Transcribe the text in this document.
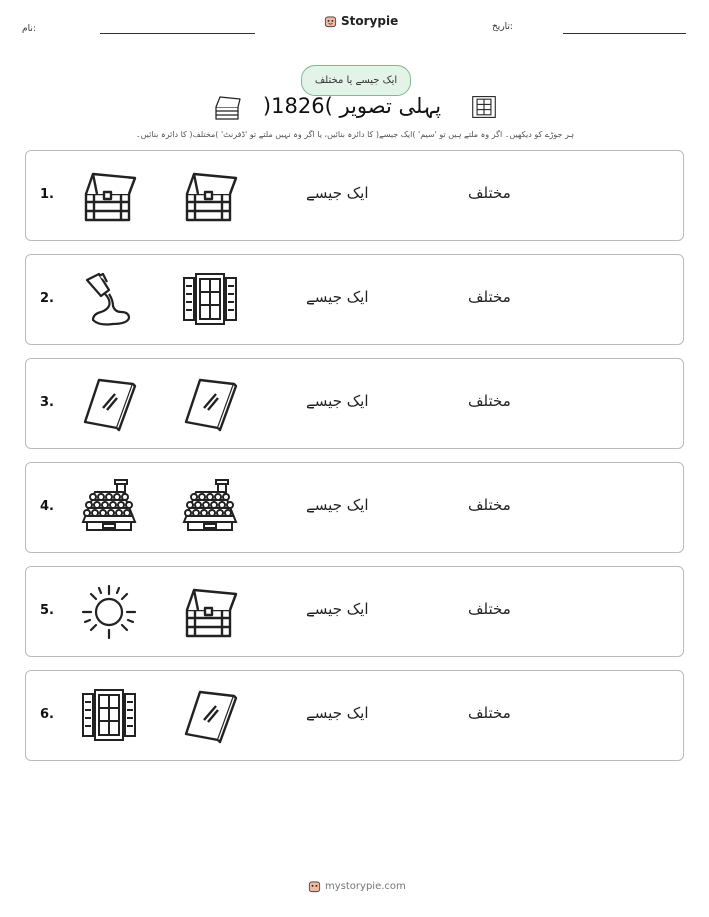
نام:
Storypie	تاریخ:
ایک جیسے یا مختلف
پہلی تصویر )1826(
ہر جوڑے کو دیکھیں۔ اگر وہ ملتے ہیں تو 'سیم' )ایک جیسے( کا دائرہ بنائیں، یا اگر وہ نہیں ملتے تو 'ڈفرنٹ' )مختلف( کا دائرہ بنائیں۔
1.	ایک جیسے	مختلف
2.	ایک جیسے	مختلف
3.	ایک جیسے	مختلف
4.	ایک جیسے	مختلف
5.	ایک جیسے	مختلف
6.	ایک جیسے	مختلف
mystorypie.com
